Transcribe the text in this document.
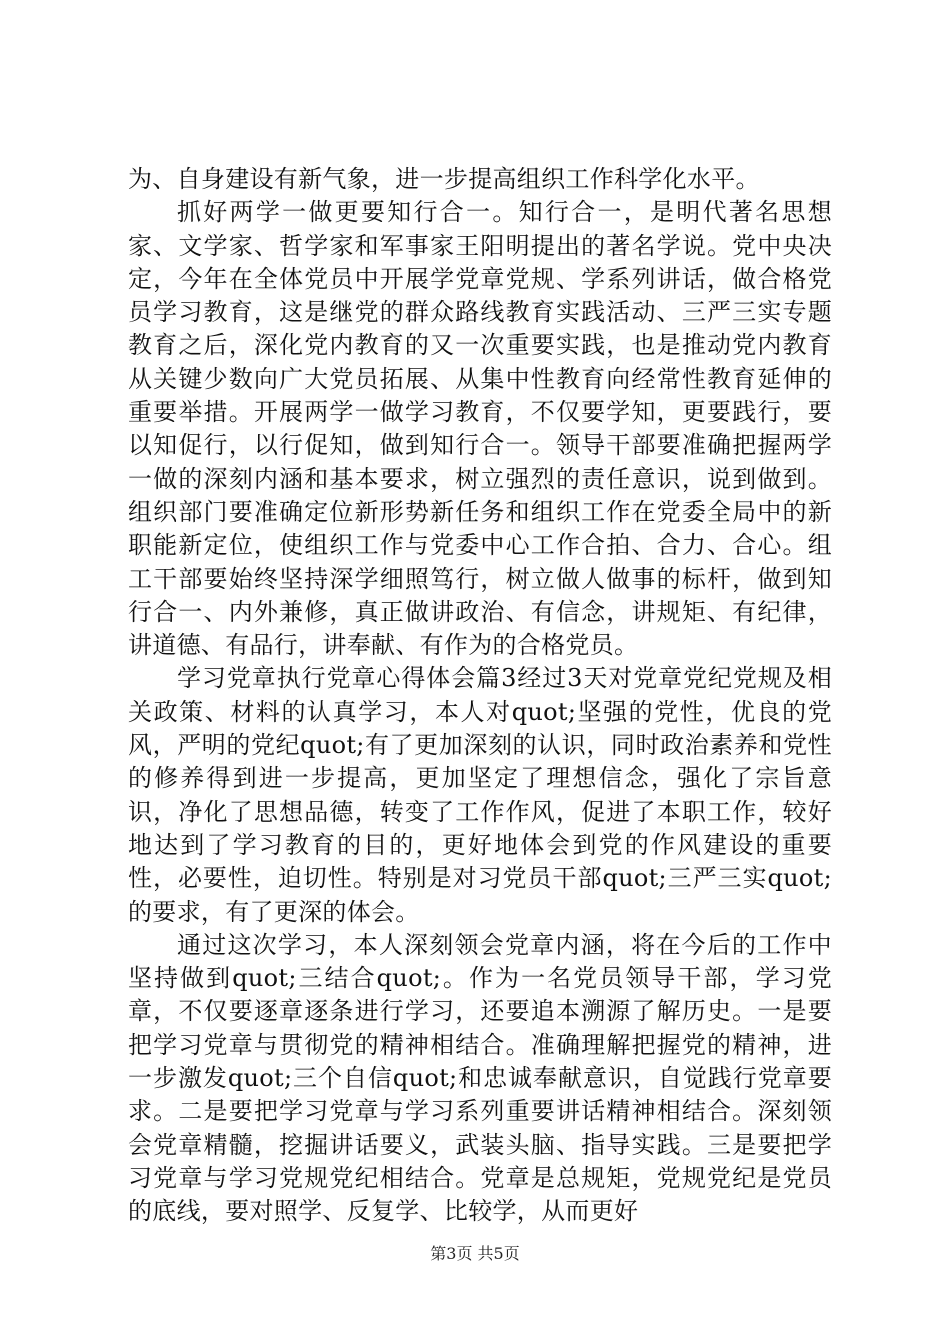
为、自身建设有新气象，进一步提高组织工作科学化水平。

抓好两学一做更要知行合一。知行合一，是明代著名思想家、文学家、哲学家和军事家王阳明提出的著名学说。党中央决定，今年在全体党员中开展学党章党规、学系列讲话，做合格党员学习教育，这是继党的群众路线教育实践活动、三严三实专题教育之后，深化党内教育的又一次重要实践，也是推动党内教育从关键少数向广大党员拓展、从集中性教育向经常性教育延伸的重要举措。开展两学一做学习教育，不仅要学知，更要践行，要以知促行，以行促知，做到知行合一。领导干部要准确把握两学一做的深刻内涵和基本要求，树立强烈的责任意识，说到做到。组织部门要准确定位新形势新任务和组织工作在党委全局中的新职能新定位，使组织工作与党委中心工作合拍、合力、合心。组工干部要始终坚持深学细照笃行，树立做人做事的标杆，做到知行合一、内外兼修，真正做讲政治、有信念，讲规矩、有纪律，讲道德、有品行，讲奉献、有作为的合格党员。

学习党章执行党章心得体会篇3经过3天对党章党纪党规及相关政策、材料的认真学习，本人对quot;坚强的党性，优良的党风，严明的党纪quot;有了更加深刻的认识，同时政治素养和党性的修养得到进一步提高，更加坚定了理想信念，强化了宗旨意识，净化了思想品德，转变了工作作风，促进了本职工作，较好地达到了学习教育的目的，更好地体会到党的作风建设的重要性，必要性，迫切性。特别是对习党员干部quot;三严三实quot;的要求，有了更深的体会。

通过这次学习，本人深刻领会党章内涵，将在今后的工作中坚持做到quot;三结合quot;。作为一名党员领导干部，学习党章，不仅要逐章逐条进行学习，还要追本溯源了解历史。一是要把学习党章与贯彻党的精神相结合。准确理解把握党的精神，进一步激发quot;三个自信quot;和忠诚奉献意识，自觉践行党章要求。二是要把学习党章与学习系列重要讲话精神相结合。深刻领会党章精髓，挖掘讲话要义，武装头脑、指导实践。三是要把学习党章与学习党规党纪相结合。党章是总规矩，党规党纪是党员的底线，要对照学、反复学、比较学，从而更好

第3页 共5页
